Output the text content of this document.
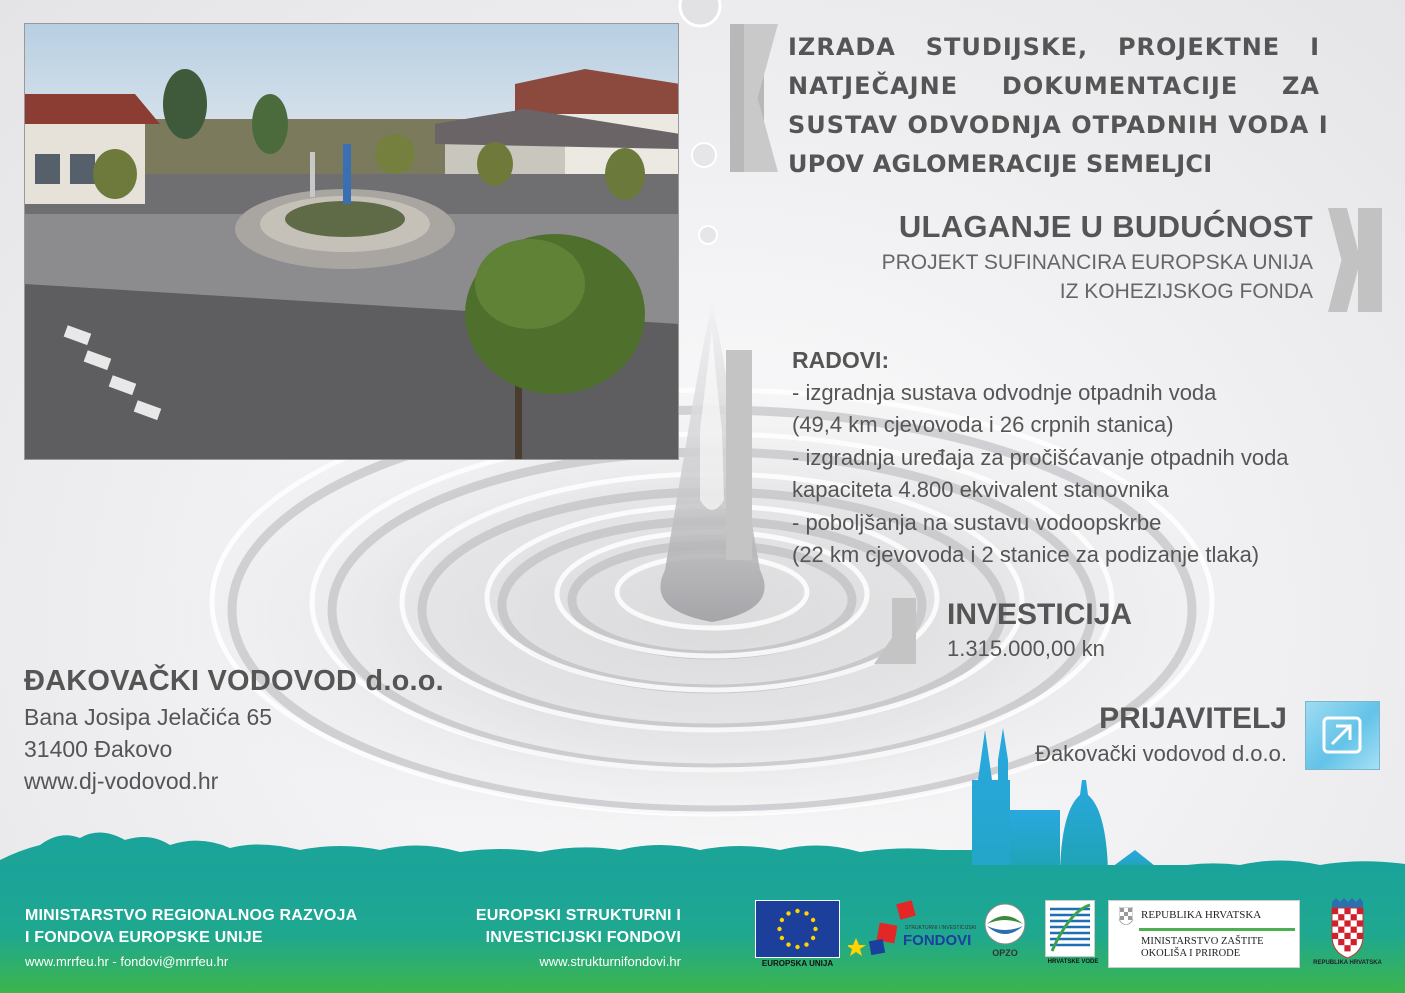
IZRADA STUDIJSKE, PROJEKTNE I
NATJEČAJNE DOKUMENTACIJE ZA
SUSTAV ODVODNJA OTPADNIH VODA I
UPOV AGLOMERACIJE SEMELJCI
ULAGANJE U BUDUĆNOST
PROJEKT SUFINANCIRA EUROPSKA UNIJA
IZ KOHEZIJSKOG FONDA
RADOVI:
- izgradnja sustava odvodnje otpadnih voda
(49,4 km cjevovoda i 26 crpnih stanica)
- izgradnja uređaja za pročišćavanje otpadnih voda
kapaciteta 4.800 ekvivalent stanovnika
- poboljšanja na sustavu vodoopskrbe
(22 km cjevovoda i 2 stanice za podizanje tlaka)
INVESTICIJA
1.315.000,00 kn
PRIJAVITELJ
Đakovački vodovod d.o.o.
ĐAKOVAČKI VODOVOD d.o.o.
Bana Josipa Jelačića 65
31400 Đakovo
www.dj-vodovod.hr
MINISTARSTVO REGIONALNOG RAZVOJA
I FONDOVA EUROPSKE UNIJE
www.mrrfeu.hr - fondovi@mrrfeu.hr
EUROPSKI STRUKTURNI I
INVESTICIJSKI FONDOVI
www.strukturnifondovi.hr	EUROPSKA UNIJA
STRUKTURNI I INVESTICIJSKI
FONDOVI
OPZO
HRVATSKE VODE
REPUBLIKA HRVATSKA
MINISTARSTVO ZAŠTITE
OKOLIŠA I PRIRODE
REPUBLIKA HRVATSKA
